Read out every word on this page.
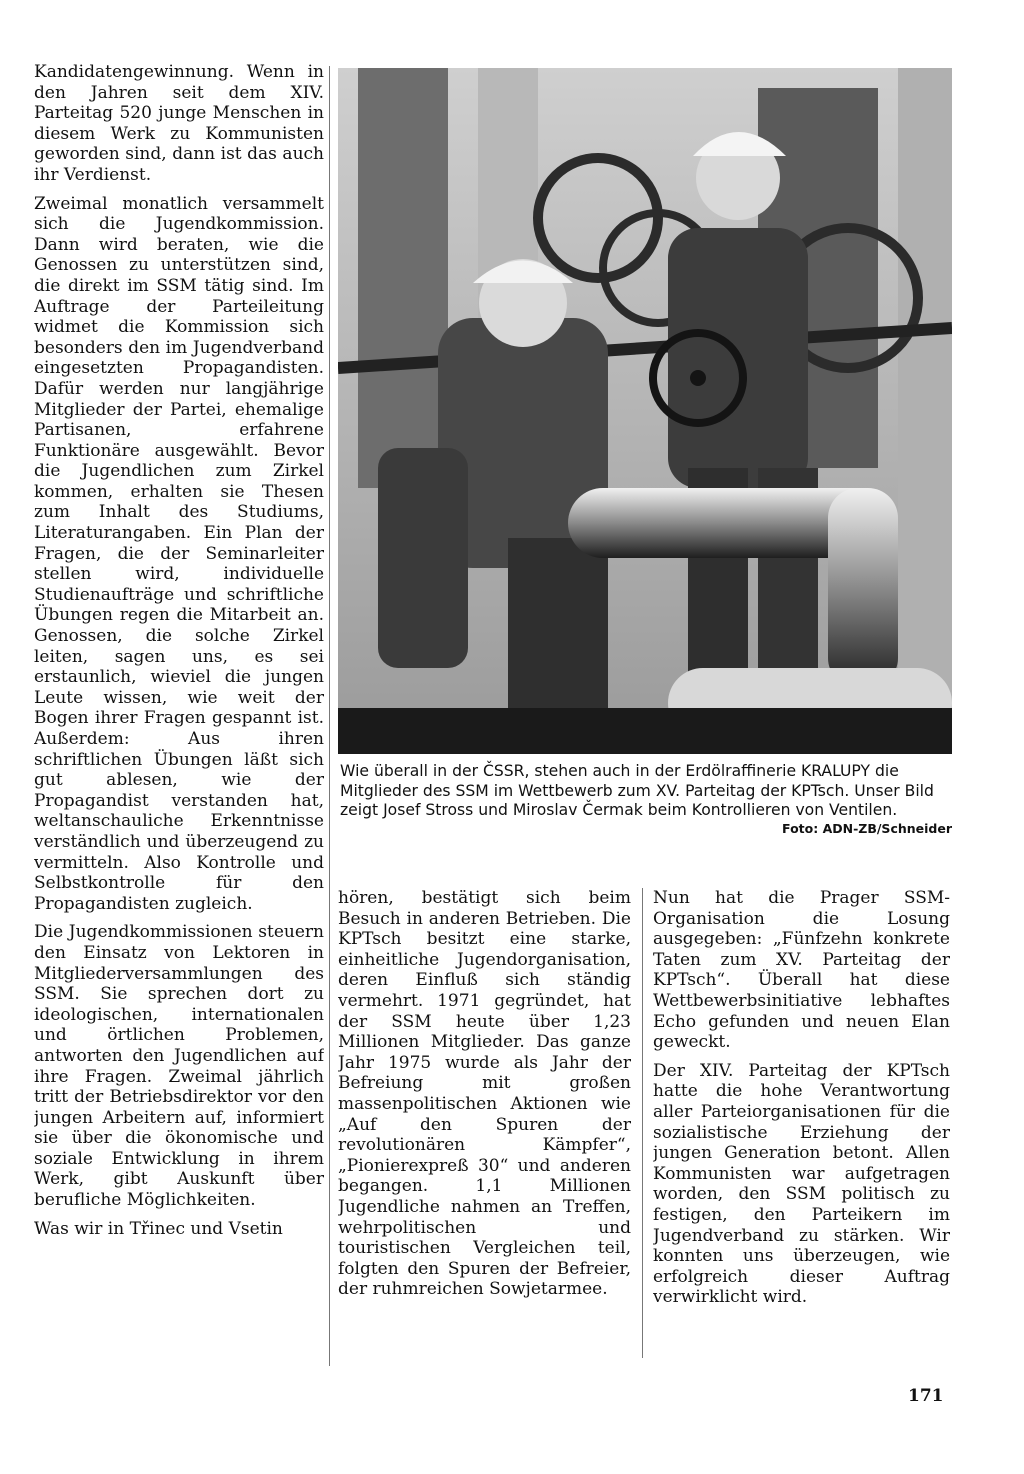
Kandidatengewinnung. Wenn in den Jahren seit dem XIV. Parteitag 520 junge Menschen in diesem Werk zu Kommunisten geworden sind, dann ist das auch ihr Verdienst.

Zweimal monatlich versammelt sich die Jugendkommission. Dann wird beraten, wie die Genossen zu unterstützen sind, die direkt im SSM tätig sind. Im Auftrage der Parteileitung widmet die Kommission sich besonders den im Jugendverband eingesetzten Propagandisten. Dafür werden nur langjährige Mitglieder der Partei, ehemalige Partisanen, erfahrene Funktionäre ausgewählt. Bevor die Jugendlichen zum Zirkel kommen, erhalten sie Thesen zum Inhalt des Studiums, Literaturangaben. Ein Plan der Fragen, die der Seminarleiter stellen wird, individuelle Studienaufträge und schriftliche Übungen regen die Mitarbeit an. Genossen, die solche Zirkel leiten, sagen uns, es sei erstaunlich, wieviel die jungen Leute wissen, wie weit der Bogen ihrer Fragen gespannt ist. Außerdem: Aus ihren schriftlichen Übungen läßt sich gut ablesen, wie der Propagandist verstanden hat, weltanschauliche Erkenntnisse verständlich und überzeugend zu vermitteln. Also Kontrolle und Selbstkontrolle für den Propagandisten zugleich.

Die Jugendkommissionen steuern den Einsatz von Lektoren in Mitgliederversammlungen des SSM. Sie sprechen dort zu ideologischen, internationalen und örtlichen Problemen, antworten den Jugendlichen auf ihre Fragen. Zweimal jährlich tritt der Betriebsdirektor vor den jungen Arbeitern auf, informiert sie über die ökonomische und soziale Entwicklung in ihrem Werk, gibt Auskunft über berufliche Möglichkeiten.

Was wir in Třinec und Vsetin

Wie überall in der ČSSR, stehen auch in der Erdölraffinerie KRALUPY die Mitglieder des SSM im Wettbewerb zum XV. Parteitag der KPTsch. Unser Bild zeigt Josef Stross und Miroslav Čermak beim Kontrollieren von Ventilen.
Foto: ADN-ZB/Schneider

hören, bestätigt sich beim Besuch in anderen Betrieben. Die KPTsch besitzt eine starke, einheitliche Jugendorganisation, deren Einfluß sich ständig vermehrt. 1971 gegründet, hat der SSM heute über 1,23 Millionen Mitglieder. Das ganze Jahr 1975 wurde als Jahr der Befreiung mit großen massenpolitischen Aktionen wie „Auf den Spuren der revolutionären Kämpfer“, „Pionierexpreß 30“ und anderen begangen. 1,1 Millionen Jugendliche nahmen an Treffen, wehrpolitischen und touristischen Vergleichen teil, folgten den Spuren der Befreier, der ruhmreichen Sowjetarmee.

Nun hat die Prager SSM-Organisation die Losung ausgegeben: „Fünfzehn konkrete Taten zum XV. Parteitag der KPTsch“. Überall hat diese Wettbewerbsinitiative lebhaftes Echo gefunden und neuen Elan geweckt.

Der XIV. Parteitag der KPTsch hatte die hohe Verantwortung aller Parteiorganisationen für die sozialistische Erziehung der jungen Generation betont. Allen Kommunisten war aufgetragen worden, den SSM politisch zu festigen, den Parteikern im Jugendverband zu stärken. Wir konnten uns überzeugen, wie erfolgreich dieser Auftrag verwirklicht wird.

171
